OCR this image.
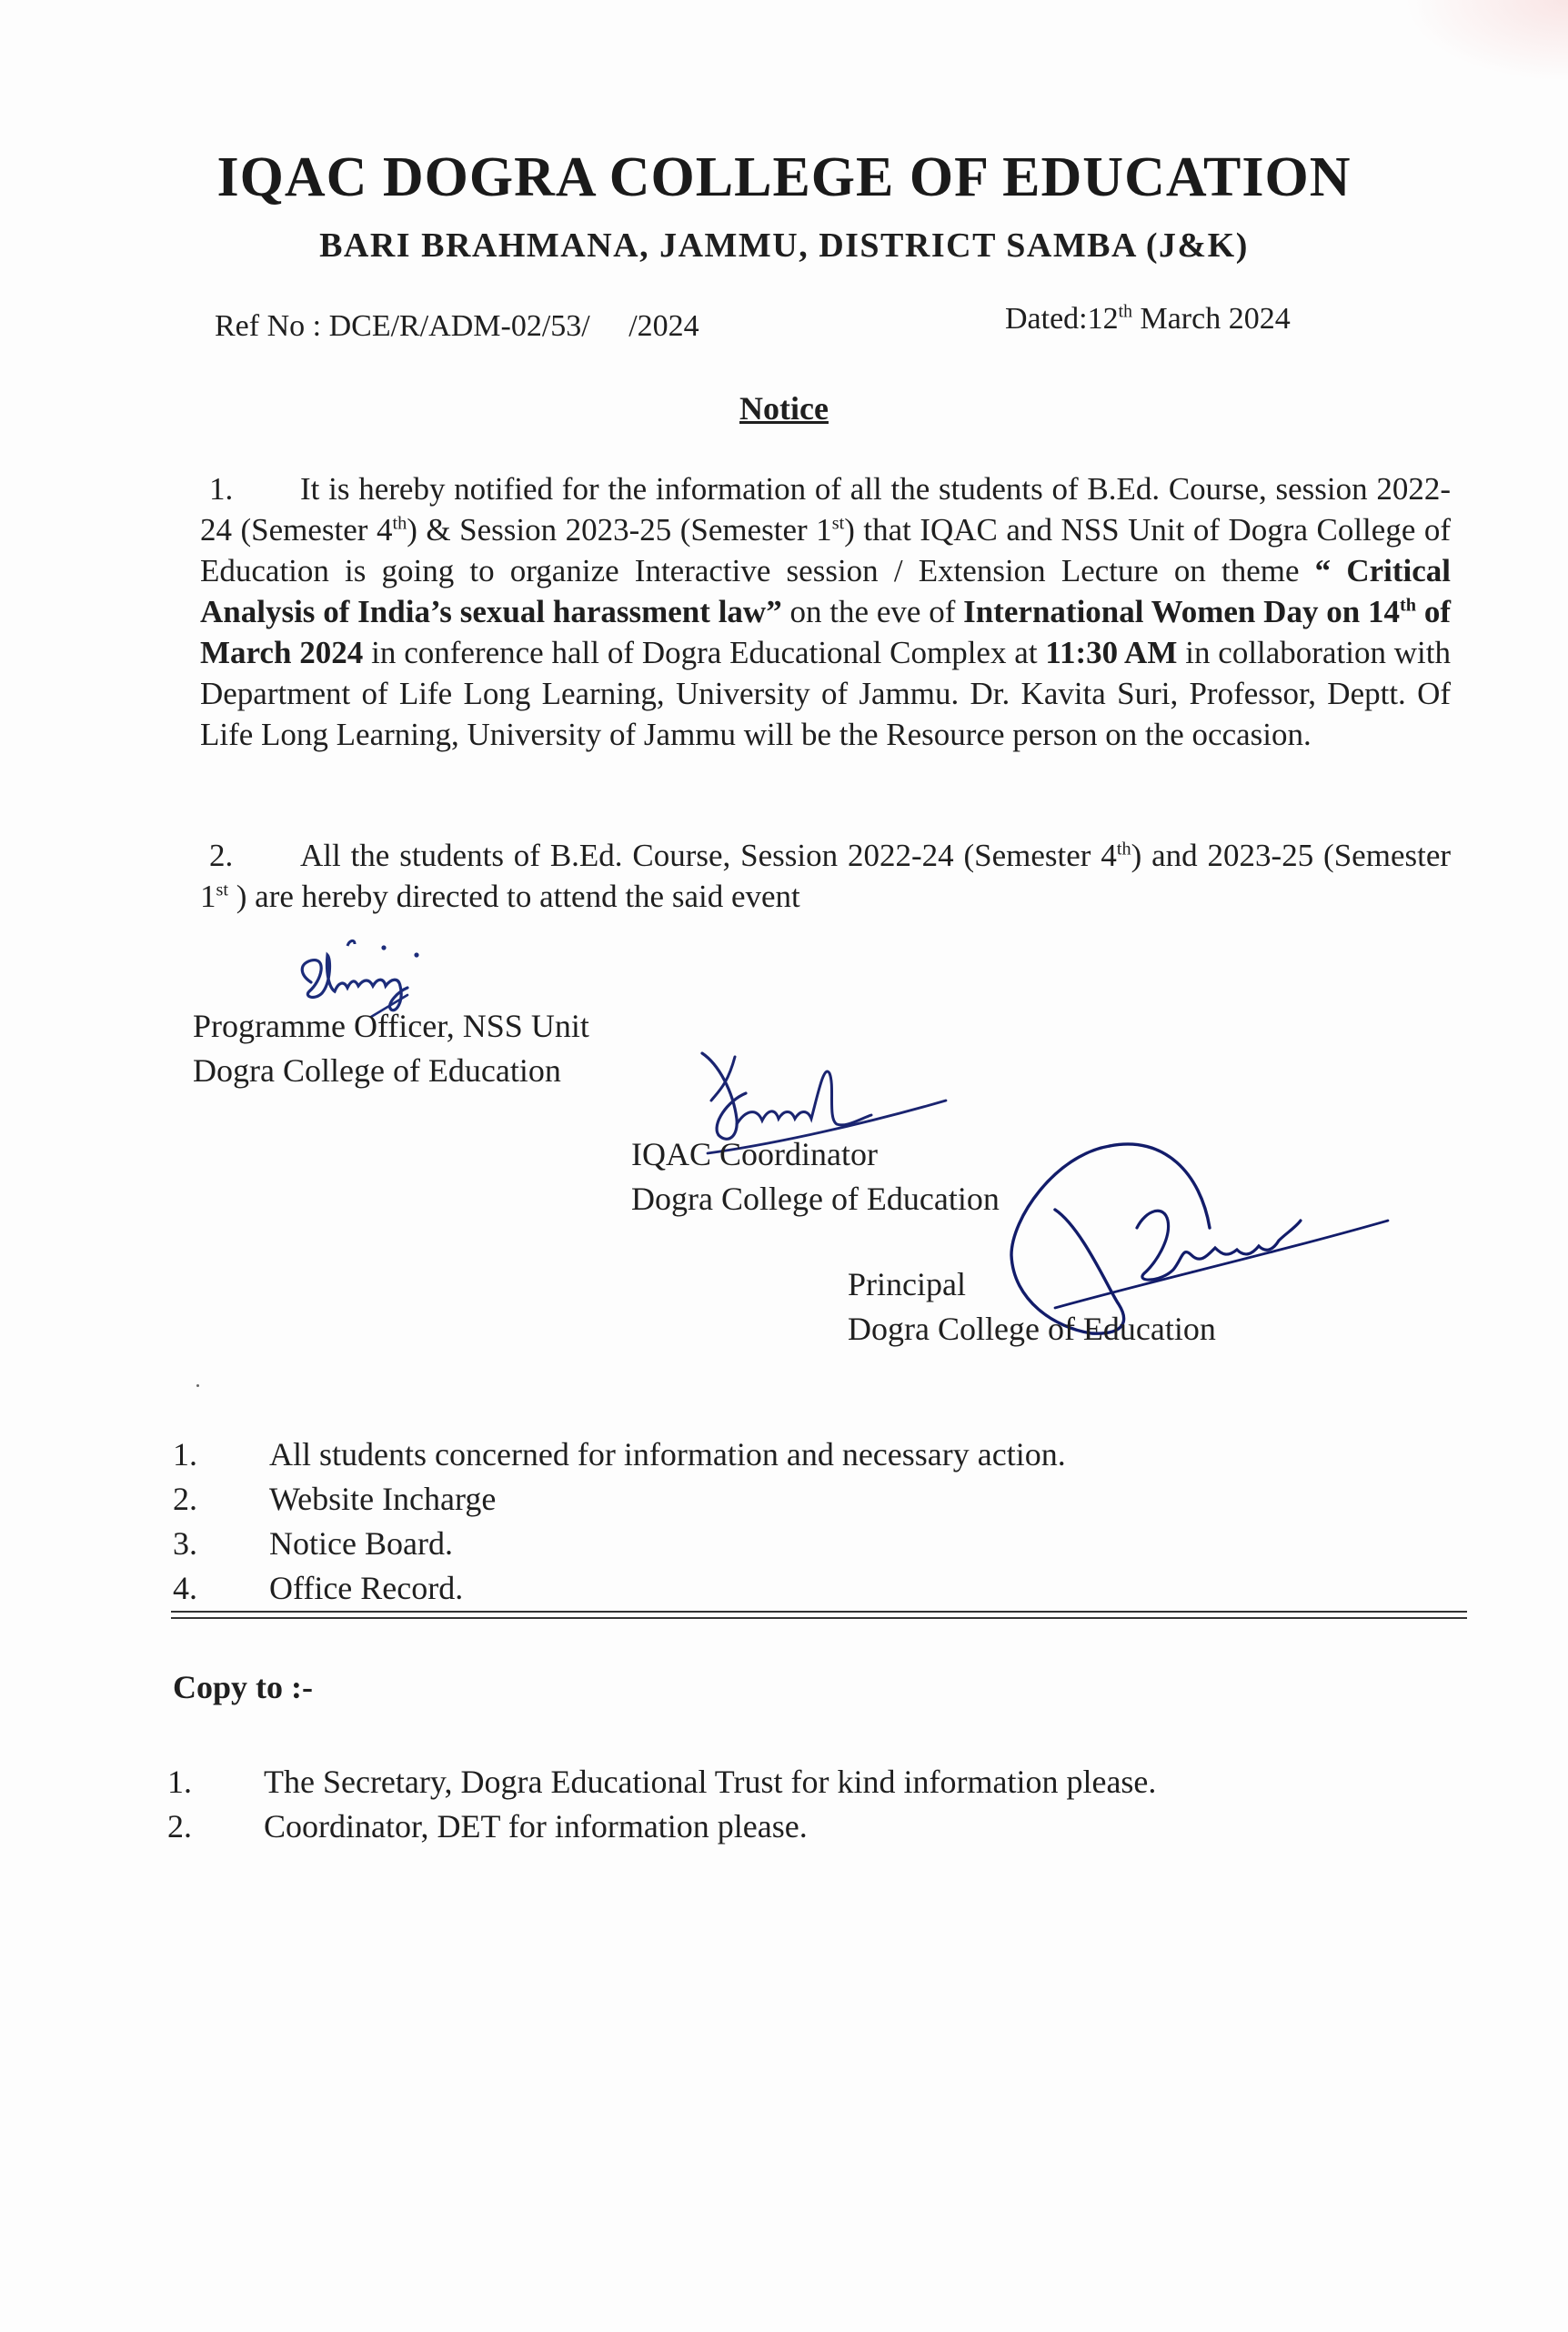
IQAC DOGRA COLLEGE OF EDUCATION
BARI BRAHMANA, JAMMU, DISTRICT SAMBA (J&K)
Ref No : DCE/R/ADM-02/53/     /2024	Dated:12th March 2024
Notice
1. It is hereby notified for the information of all the students of B.Ed. Course, session 2022-24 (Semester 4th) & Session 2023-25 (Semester 1st) that IQAC and NSS Unit of Dogra College of Education is going to organize Interactive session / Extension Lecture on theme “ Critical Analysis of India’s sexual harassment law” on the eve of International Women Day on 14th of March 2024 in conference hall of Dogra Educational Complex at 11:30 AM in collaboration with Department of Life Long Learning, University of Jammu. Dr. Kavita Suri, Professor, Deptt. Of Life Long Learning, University of Jammu will be the Resource person on the occasion.
2. All the students of B.Ed. Course, Session 2022-24 (Semester 4th) and 2023-25 (Semester 1st ) are hereby directed to attend the said event
Programme Officer, NSS Unit
Dogra College of Education
IQAC Coordinator
Dogra College of Education
Principal
Dogra College of Education
1.	All students concerned for information and necessary action.
2.	Website Incharge
3.	Notice Board.
4.	Office Record.
Copy to :-
1.	The Secretary, Dogra Educational Trust for kind information please.
2.	Coordinator, DET for information please.
